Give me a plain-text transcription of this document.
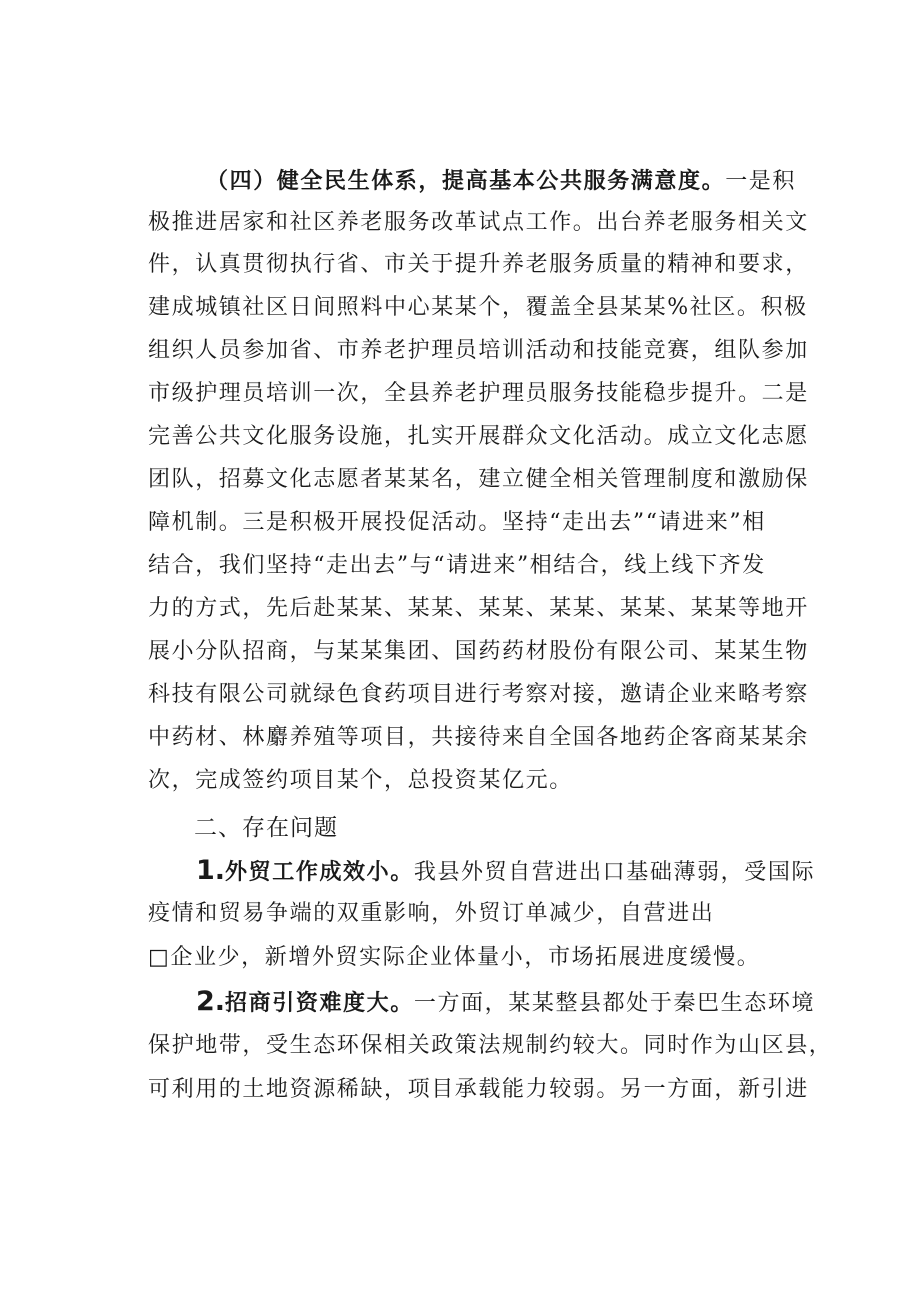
（四）健全民生体系，提高基本公共服务满意度。一是积
极推进居家和社区养老服务改革试点工作。出台养老服务相关文
件，认真贯彻执行省、市关于提升养老服务质量的精神和要求，
建成城镇社区日间照料中心某某个，覆盖全县某某%社区。积极
组织人员参加省、市养老护理员培训活动和技能竞赛，组队参加
市级护理员培训一次，全县养老护理员服务技能稳步提升。二是
完善公共文化服务设施，扎实开展群众文化活动。成立文化志愿
团队，招募文化志愿者某某名，建立健全相关管理制度和激励保
障机制。三是积极开展投促活动。坚持“走出去”“请进来”相
结合，我们坚持“走出去”与“请进来”相结合，线上线下齐发
力的方式，先后赴某某、某某、某某、某某、某某、某某等地开
展小分队招商，与某某集团、国药药材股份有限公司、某某生物
科技有限公司就绿色食药项目进行考察对接，邀请企业来略考察
中药材、林麝养殖等项目，共接待来自全国各地药企客商某某余
次，完成签约项目某个，总投资某亿元。
二、存在问题
1.外贸工作成效小。我县外贸自营进出口基础薄弱，受国际
疫情和贸易争端的双重影响，外贸订单减少，自营进出
□企业少，新增外贸实际企业体量小，市场拓展进度缓慢。
2.招商引资难度大。一方面，某某整县都处于秦巴生态环境
保护地带，受生态环保相关政策法规制约较大。同时作为山区县，
可利用的土地资源稀缺，项目承载能力较弱。另一方面，新引进
